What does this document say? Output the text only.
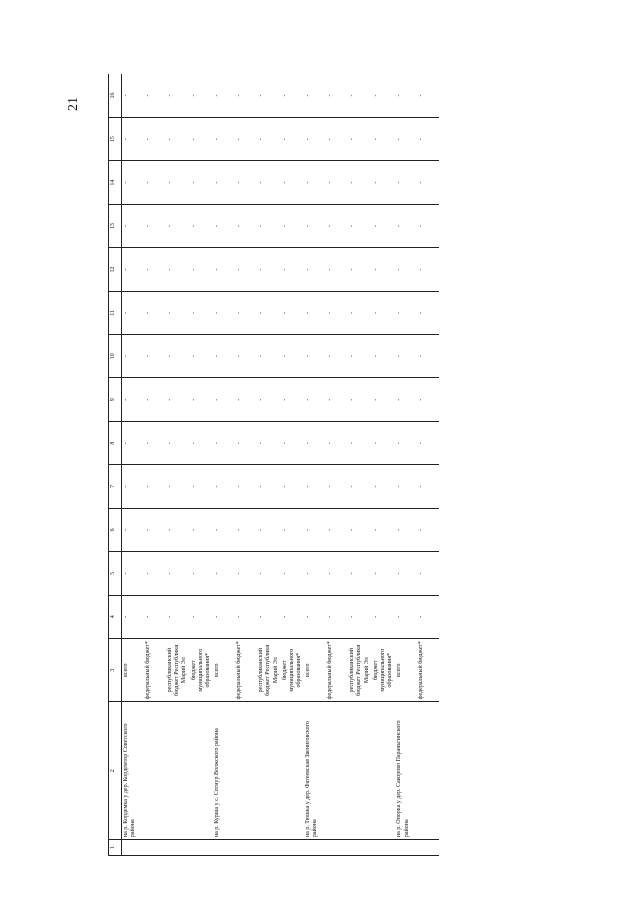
21
1	2	3	4	5	6	7	8	9	10	11	12	13	14	15	16
	на р. Кордемка у дер. Кордемтор Советского района	всего	-	-	-	-	-	-	-	-	-	-	-	-	-
		федеральный бюджет*	-	-	-	-	-	-	-	-	-	-	-	-	-
		республиканский бюджет Республики Марий Эл	-	-	-	-	-	-	-	-	-	-	-	-	-
		бюджет муниципального образования*	-	-	-	-	-	-	-	-	-	-	-	-	-
	на р. Курша у с. Сотнур Волжского района	всего	-	-	-	-	-	-	-	-	-	-	-	-	-
		федеральный бюджет*	-	-	-	-	-	-	-	-	-	-	-	-	-
		республиканский бюджет Республики Марий Эл	-	-	-	-	-	-	-	-	-	-	-	-	-
		бюджет муниципального образования*	-	-	-	-	-	-	-	-	-	-	-	-	-
	на р. Тюшка у дер. Фатеевская Звениговского района	всего	-	-	-	-	-	-	-	-	-	-	-	-	-
		федеральный бюджет*	-	-	-	-	-	-	-	-	-	-	-	-	-
		республиканский бюджет Республики Марий Эл	-	-	-	-	-	-	-	-	-	-	-	-	-
		бюджет муниципального образования*	-	-	-	-	-	-	-	-	-	-	-	-	-
	на р. Опорка у дер. Сакорово Параньгинского района	всего	-	-	-	-	-	-	-	-	-	-	-	-	-
		федеральный бюджет*	-	-	-	-	-	-	-	-	-	-	-	-	-
